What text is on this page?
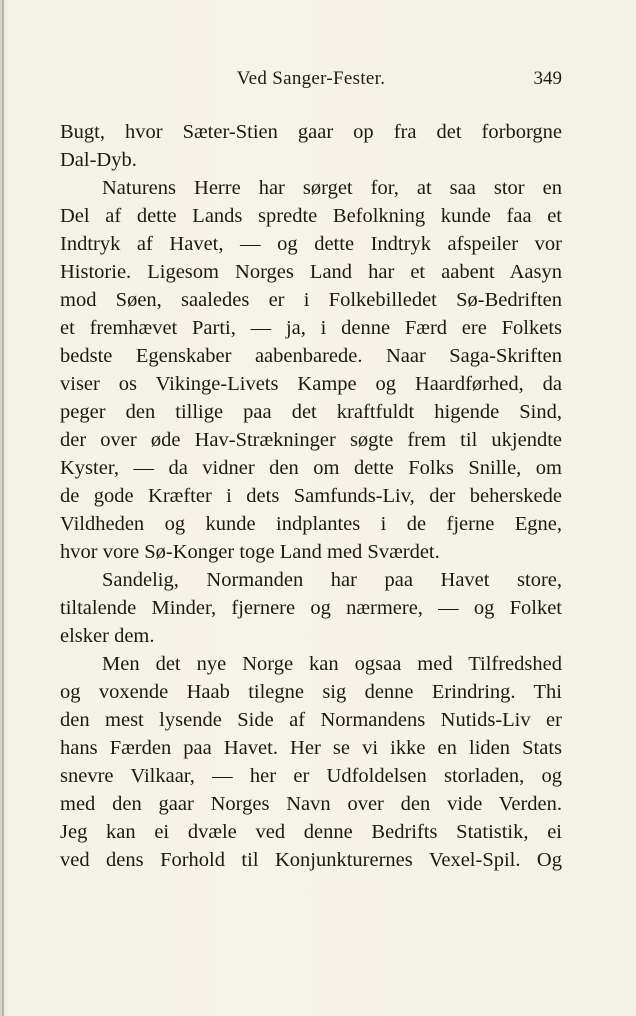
Ved Sanger-Fester.	349
Bugt, hvor Sæter-Stien gaar op fra det forborgne
Dal-Dyb.
Naturens Herre har sørget for, at saa stor en
Del af dette Lands spredte Befolkning kunde faa et
Indtryk af Havet, — og dette Indtryk afspeiler vor
Historie. Ligesom Norges Land har et aabent Aasyn
mod Søen, saaledes er i Folkebilledet Sø-Bedriften
et fremhævet Parti, — ja, i denne Færd ere Folkets
bedste Egenskaber aabenbarede. Naar Saga-Skriften
viser os Vikinge-Livets Kampe og Haardførhed, da
peger den tillige paa det kraftfuldt higende Sind,
der over øde Hav-Strækninger søgte frem til ukjendte
Kyster, — da vidner den om dette Folks Snille, om
de gode Kræfter i dets Samfunds-Liv, der beherskede
Vildheden og kunde indplantes i de fjerne Egne,
hvor vore Sø-Konger toge Land med Sværdet.
Sandelig, Normanden har paa Havet store,
tiltalende Minder, fjernere og nærmere, — og Folket
elsker dem.
Men det nye Norge kan ogsaa med Tilfredshed
og voxende Haab tilegne sig denne Erindring. Thi
den mest lysende Side af Normandens Nutids-Liv er
hans Færden paa Havet. Her se vi ikke en liden Stats
snevre Vilkaar, — her er Udfoldelsen storladen, og
med den gaar Norges Navn over den vide Verden.
Jeg kan ei dvæle ved denne Bedrifts Statistik, ei
ved dens Forhold til Konjunkturernes Vexel-Spil. Og
